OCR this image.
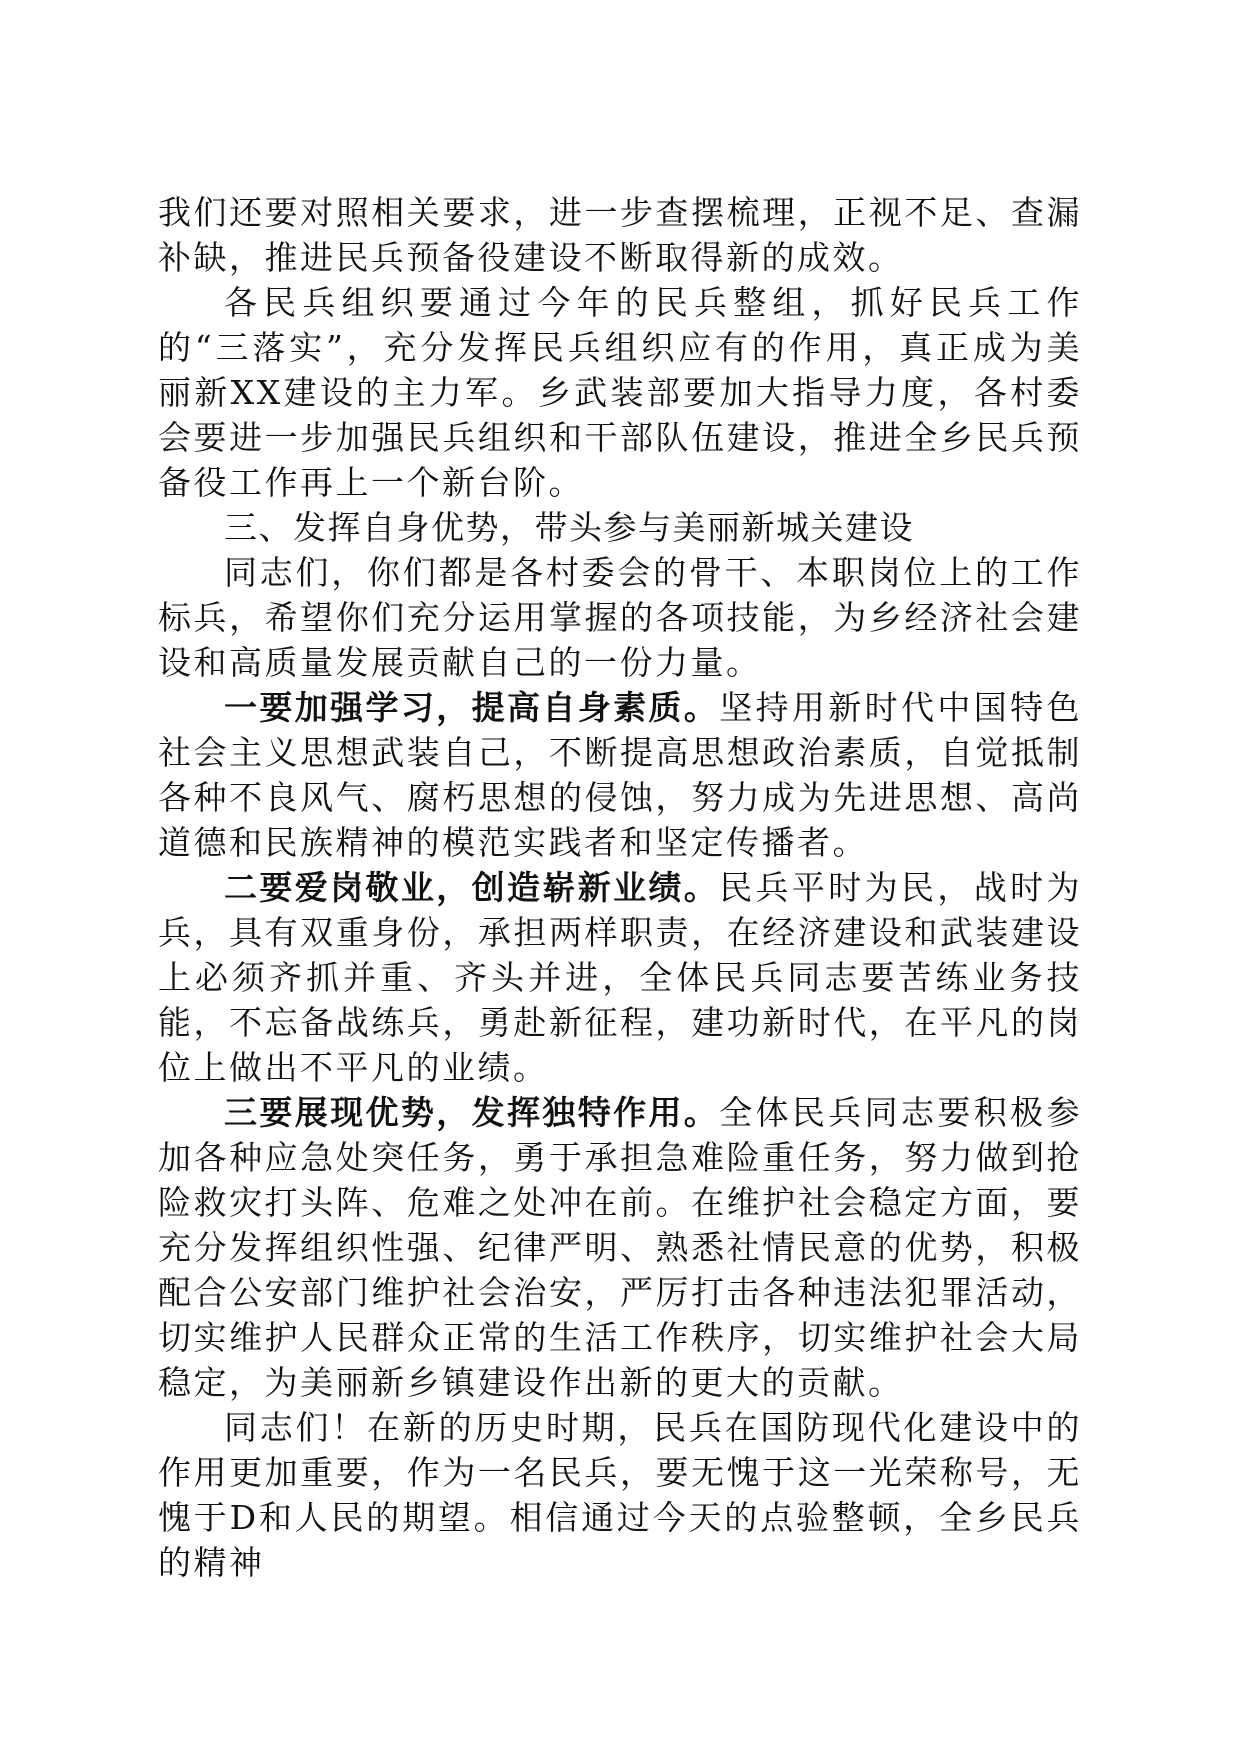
我们还要对照相关要求，进一步查摆梳理，正视不足、查漏补缺，推进民兵预备役建设不断取得新的成效。

各民兵组织要通过今年的民兵整组，抓好民兵工作的“三落实”，充分发挥民兵组织应有的作用，真正成为美丽新XX建设的主力军。乡武装部要加大指导力度，各村委会要进一步加强民兵组织和干部队伍建设，推进全乡民兵预备役工作再上一个新台阶。

三、发挥自身优势，带头参与美丽新城关建设

同志们，你们都是各村委会的骨干、本职岗位上的工作标兵，希望你们充分运用掌握的各项技能，为乡经济社会建设和高质量发展贡献自己的一份力量。

一要加强学习，提高自身素质。坚持用新时代中国特色社会主义思想武装自己，不断提高思想政治素质，自觉抵制各种不良风气、腐朽思想的侵蚀，努力成为先进思想、高尚道德和民族精神的模范实践者和坚定传播者。

二要爱岗敬业，创造崭新业绩。民兵平时为民，战时为兵，具有双重身份，承担两样职责，在经济建设和武装建设上必须齐抓并重、齐头并进，全体民兵同志要苦练业务技能，不忘备战练兵，勇赴新征程，建功新时代，在平凡的岗位上做出不平凡的业绩。

三要展现优势，发挥独特作用。全体民兵同志要积极参加各种应急处突任务，勇于承担急难险重任务，努力做到抢险救灾打头阵、危难之处冲在前。在维护社会稳定方面，要充分发挥组织性强、纪律严明、熟悉社情民意的优势，积极配合公安部门维护社会治安，严厉打击各种违法犯罪活动，切实维护人民群众正常的生活工作秩序，切实维护社会大局稳定，为美丽新乡镇建设作出新的更大的贡献。

同志们！在新的历史时期，民兵在国防现代化建设中的作用更加重要，作为一名民兵，要无愧于这一光荣称号，无愧于D和人民的期望。相信通过今天的点验整顿，全乡民兵的精神
